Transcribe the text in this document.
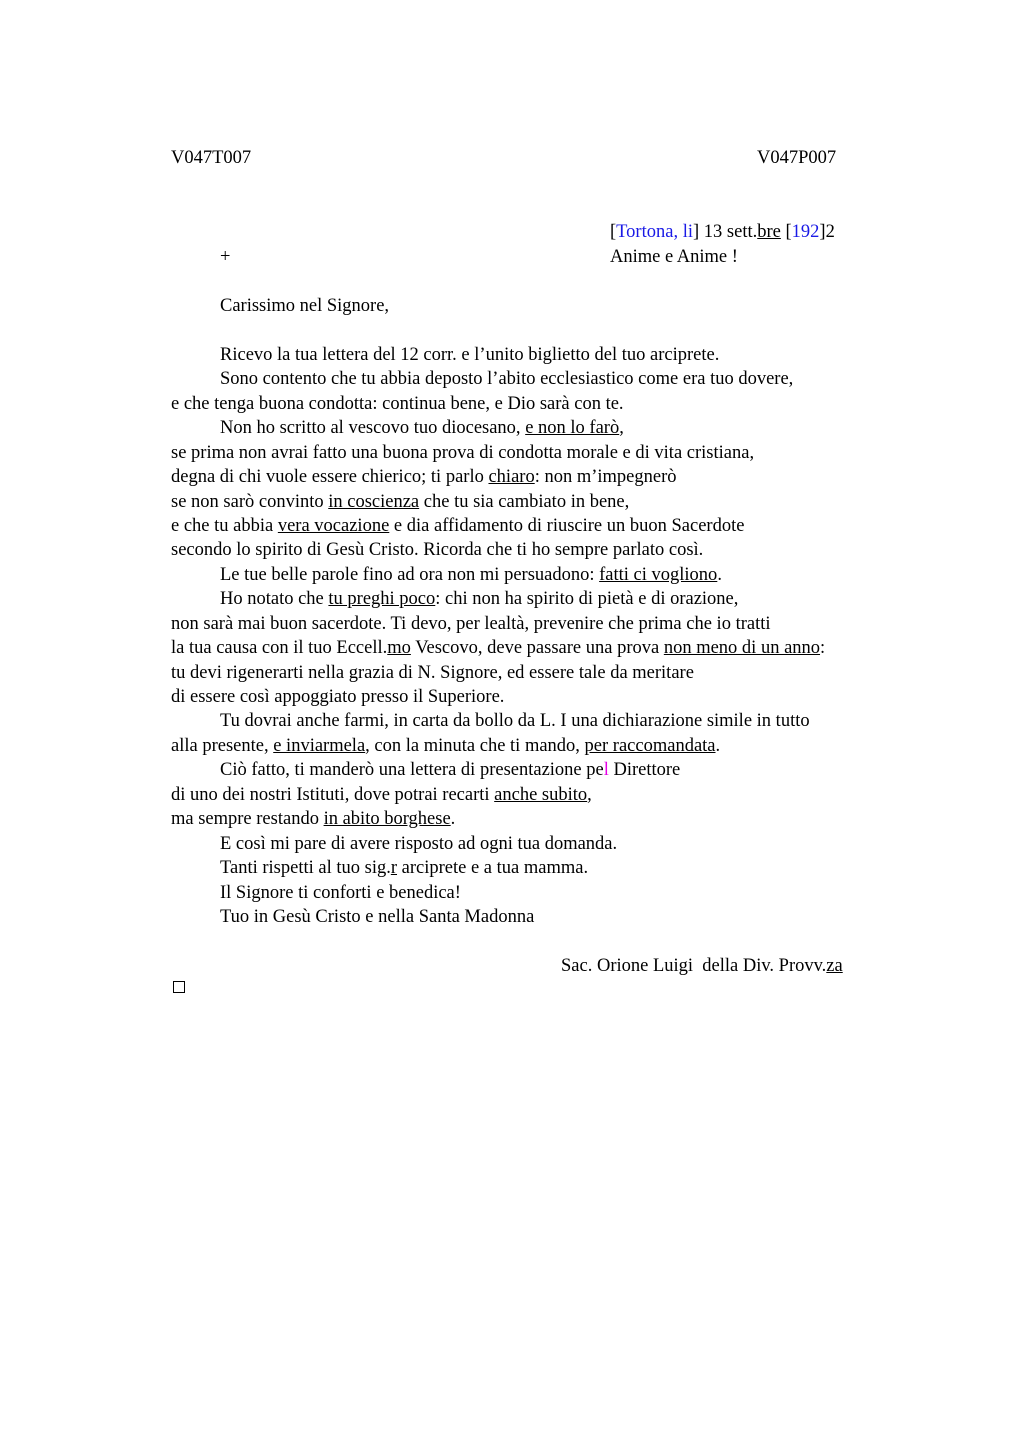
V047T007	V047P007
[Tortona, li] 13 sett.bre [192]2
+	Anime e Anime !
Carissimo nel Signore,
Ricevo la tua lettera del 12 corr. e l’unito biglietto del tuo arciprete.
Sono contento che tu abbia deposto l’abito ecclesiastico come era tuo dovere,
e che tenga buona condotta: continua bene, e Dio sarà con te.
Non ho scritto al vescovo tuo diocesano, e non lo farò,
se prima non avrai fatto una buona prova di condotta morale e di vita cristiana,
degna di chi vuole essere chierico; ti parlo chiaro: non m’impegnerò
se non sarò convinto in coscienza che tu sia cambiato in bene,
e che tu abbia vera vocazione e dia affidamento di riuscire un buon Sacerdote
secondo lo spirito di Gesù Cristo. Ricorda che ti ho sempre parlato così.
Le tue belle parole fino ad ora non mi persuadono: fatti ci vogliono.
Ho notato che tu preghi poco: chi non ha spirito di pietà e di orazione,
non sarà mai buon sacerdote. Ti devo, per lealtà, prevenire che prima che io tratti
la tua causa con il tuo Eccell.mo Vescovo, deve passare una prova non meno di un anno:
tu devi rigenerarti nella grazia di N. Signore, ed essere tale da meritare
di essere così appoggiato presso il Superiore.
Tu dovrai anche farmi, in carta da bollo da L. I una dichiarazione simile in tutto
alla presente, e inviarmela, con la minuta che ti mando, per raccomandata.
Ciò fatto, ti manderò una lettera di presentazione pel Direttore
di uno dei nostri Istituti, dove potrai recarti anche subito,
ma sempre restando in abito borghese.
E così mi pare di avere risposto ad ogni tua domanda.
Tanti rispetti al tuo sig.r arciprete e a tua mamma.
Il Signore ti conforti e benedica!
Tuo in Gesù Cristo e nella Santa Madonna
Sac. Orione Luigi  della Div. Provv.za
